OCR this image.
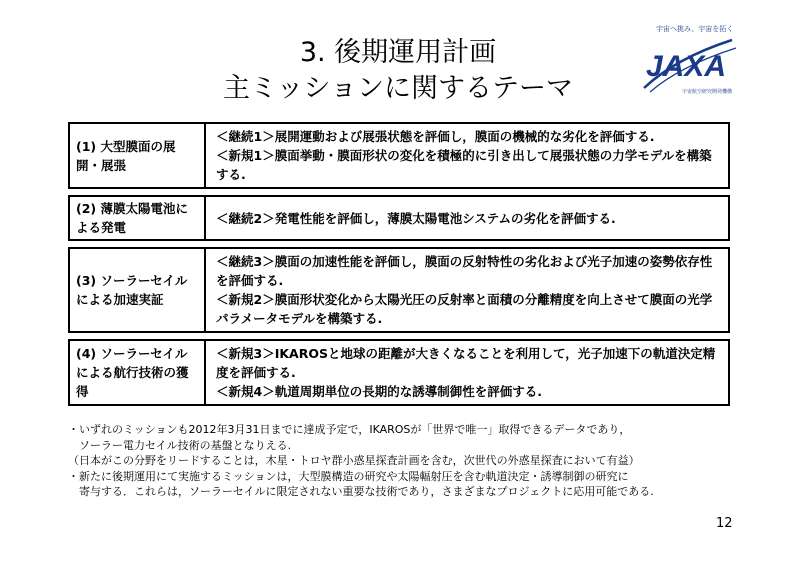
3. 後期運用計画
主ミッションに関するテーマ
宇宙へ挑み、宇宙を拓く
JAXA
宇宙航空研究開発機構
(1) 大型膜面の展開・展張	＜継続1＞展開運動および展張状態を評価し，膜面の機械的な劣化を評価する.
＜新規1＞膜面挙動・膜面形状の変化を積極的に引き出して展張状態の力学モデルを構築する.

(2) 薄膜太陽電池による発電	＜継続2＞発電性能を評価し，薄膜太陽電池システムの劣化を評価する.

(3) ソーラーセイルによる加速実証	＜継続3＞膜面の加速性能を評価し，膜面の反射特性の劣化および光子加速の姿勢依存性を評価する.
＜新規2＞膜面形状変化から太陽光圧の反射率と面積の分離精度を向上させて膜面の光学パラメータモデルを構築する.

(4) ソーラーセイルによる航行技術の獲得	＜新規3＞IKAROSと地球の距離が大きくなることを利用して，光子加速下の軌道決定精度を評価する.
＜新規4＞軌道周期単位の長期的な誘導制御性を評価する.
・いずれのミッションも2012年3月31日までに達成予定で，IKAROSが「世界で唯一」取得できるデータであり，
　ソーラー電力セイル技術の基盤となりえる.
（日本がこの分野をリードすることは，木星・トロヤ群小惑星探査計画を含む，次世代の外惑星探査において有益）
・新たに後期運用にて実施するミッションは，大型膜構造の研究や太陽輻射圧を含む軌道決定・誘導制御の研究に
　寄与する．これらは，ソーラーセイルに限定されない重要な技術であり，さまざまなプロジェクトに応用可能である.
12
